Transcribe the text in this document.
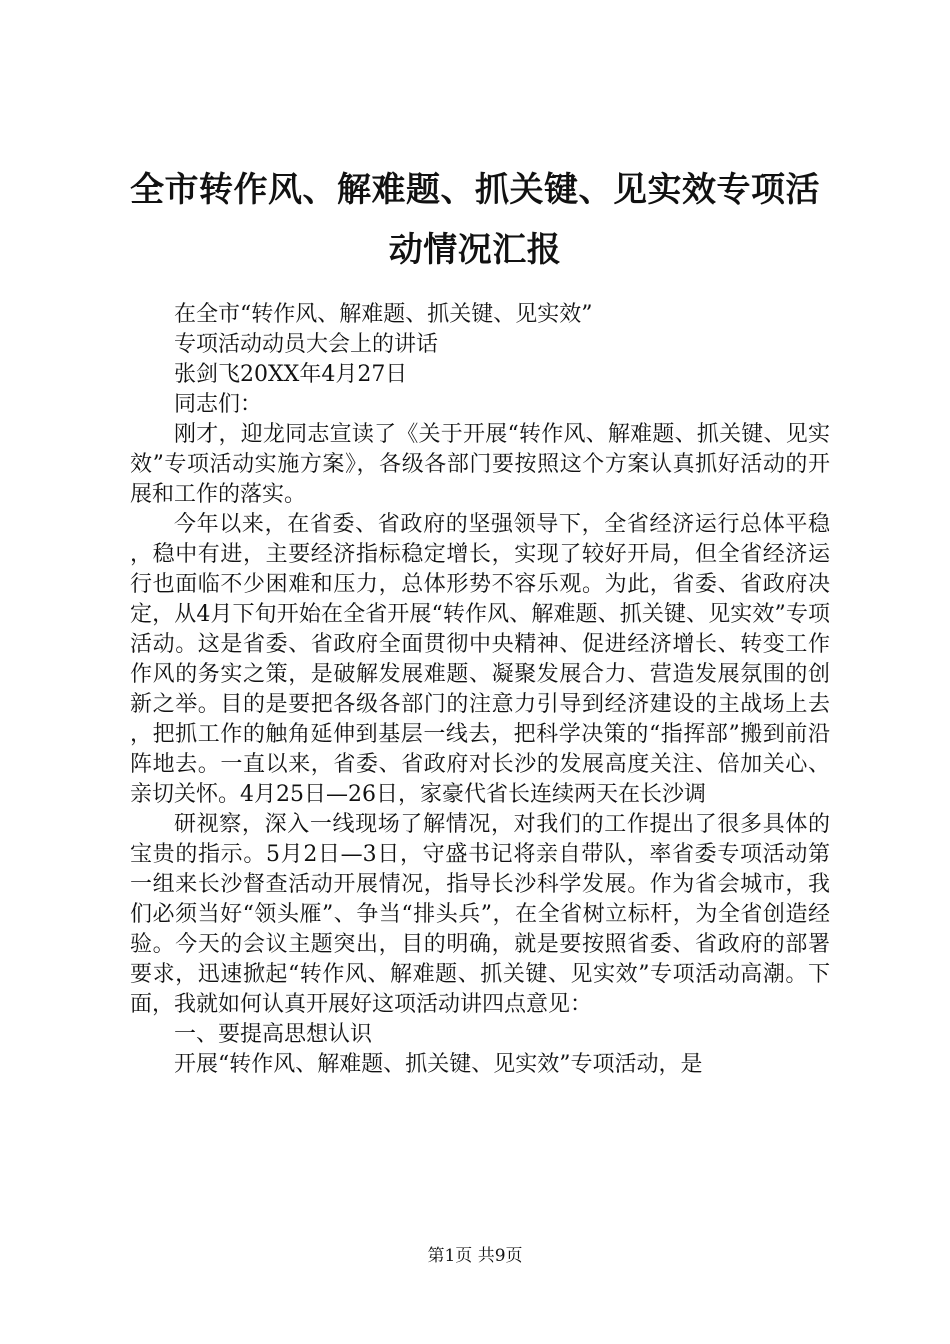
全市转作风、解难题、抓关键、见实效专项活动情况汇报

在全市“转作风、解难题、抓关键、见实效”

专项活动动员大会上的讲话

张剑飞20XX年4月27日

同志们：

刚才，迎龙同志宣读了《关于开展“转作风、解难题、抓关键、见实效”专项活动实施方案》，各级各部门要按照这个方案认真抓好活动的开展和工作的落实。

今年以来，在省委、省政府的坚强领导下，全省经济运行总体平稳，稳中有进，主要经济指标稳定增长，实现了较好开局，但全省经济运行也面临不少困难和压力，总体形势不容乐观。为此，省委、省政府决定，从4月下旬开始在全省开展“转作风、解难题、抓关键、见实效”专项活动。这是省委、省政府全面贯彻中央精神、促进经济增长、转变工作作风的务实之策，是破解发展难题、凝聚发展合力、营造发展氛围的创新之举。目的是要把各级各部门的注意力引导到经济建设的主战场上去，把抓工作的触角延伸到基层一线去，把科学决策的“指挥部”搬到前沿阵地去。一直以来，省委、省政府对长沙的发展高度关注、倍加关心、亲切关怀。4月25日—26日，家豪代省长连续两天在长沙调

研视察，深入一线现场了解情况，对我们的工作提出了很多具体的宝贵的指示。5月2日—3日，守盛书记将亲自带队，率省委专项活动第一组来长沙督查活动开展情况，指导长沙科学发展。作为省会城市，我们必须当好“领头雁”、争当“排头兵”，在全省树立标杆，为全省创造经验。今天的会议主题突出，目的明确，就是要按照省委、省政府的部署要求，迅速掀起“转作风、解难题、抓关键、见实效”专项活动高潮。下面，我就如何认真开展好这项活动讲四点意见：

一、要提高思想认识

开展“转作风、解难题、抓关键、见实效”专项活动，是

第1页 共9页
